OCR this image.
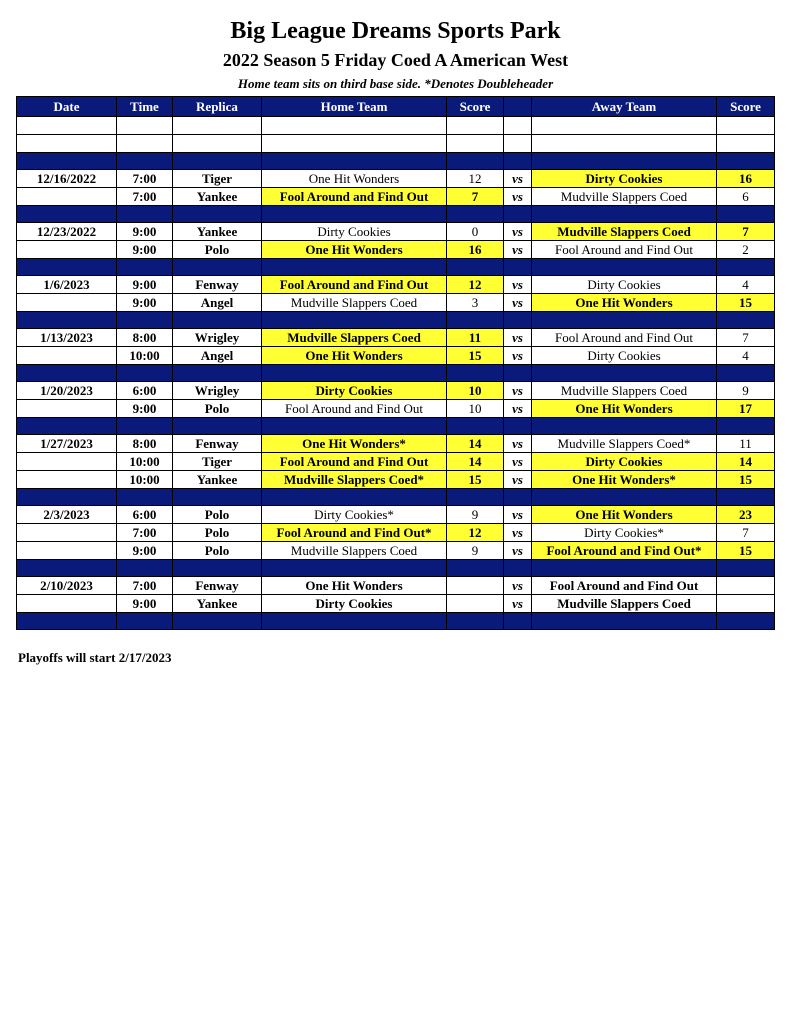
Big League Dreams Sports Park
2022 Season 5 Friday Coed A American West
Home team sits on third base side. *Denotes Doubleheader
Date	Time	Replica	Home Team	Score		Away Team	Score

12/16/2022	7:00	Tiger	One Hit Wonders	12	vs	Dirty Cookies	16
	7:00	Yankee	Fool Around and Find Out	7	vs	Mudville Slappers Coed	6

12/23/2022	9:00	Yankee	Dirty Cookies	0	vs	Mudville Slappers Coed	7
	9:00	Polo	One Hit Wonders	16	vs	Fool Around and Find Out	2

1/6/2023	9:00	Fenway	Fool Around and Find Out	12	vs	Dirty Cookies	4
	9:00	Angel	Mudville Slappers Coed	3	vs	One Hit Wonders	15

1/13/2023	8:00	Wrigley	Mudville Slappers Coed	11	vs	Fool Around and Find Out	7
	10:00	Angel	One Hit Wonders	15	vs	Dirty Cookies	4

1/20/2023	6:00	Wrigley	Dirty Cookies	10	vs	Mudville Slappers Coed	9
	9:00	Polo	Fool Around and Find Out	10	vs	One Hit Wonders	17

1/27/2023	8:00	Fenway	One Hit Wonders*	14	vs	Mudville Slappers Coed*	11
	10:00	Tiger	Fool Around and Find Out	14	vs	Dirty Cookies	14
	10:00	Yankee	Mudville Slappers Coed*	15	vs	One Hit Wonders*	15

2/3/2023	6:00	Polo	Dirty Cookies*	9	vs	One Hit Wonders	23
	7:00	Polo	Fool Around and Find Out*	12	vs	Dirty Cookies*	7
	9:00	Polo	Mudville Slappers Coed	9	vs	Fool Around and Find Out*	15

2/10/2023	7:00	Fenway	One Hit Wonders		vs	Fool Around and Find Out	
	9:00	Yankee	Dirty Cookies		vs	Mudville Slappers Coed	

Playoffs will start 2/17/2023
